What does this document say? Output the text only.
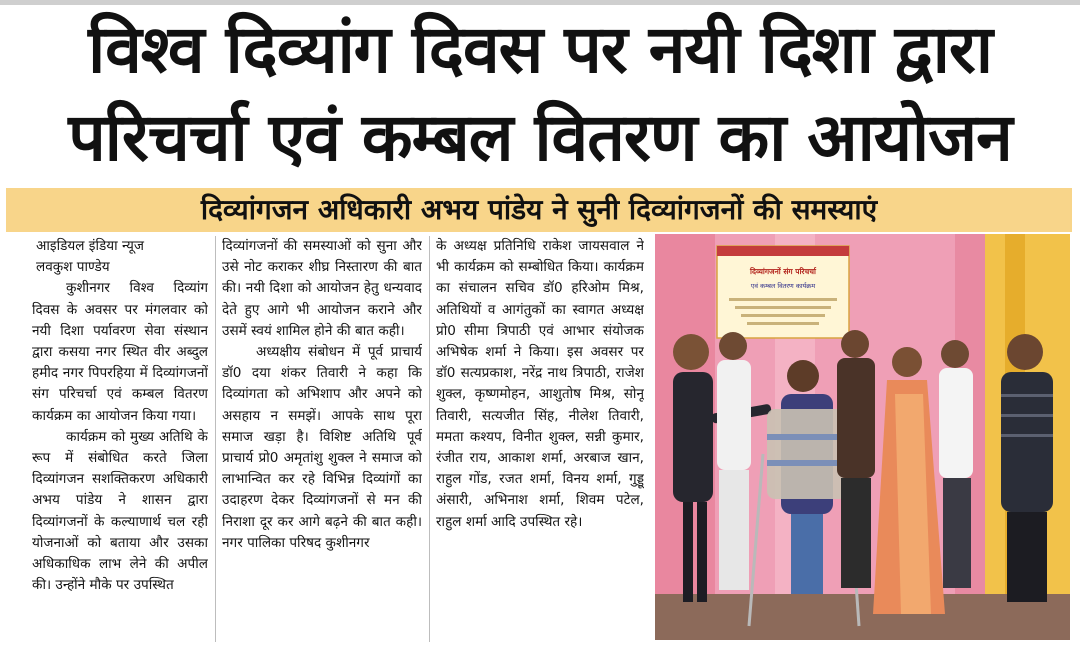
विश्व दिव्यांग दिवस पर नयी दिशा द्वारा
परिचर्चा एवं कम्बल वितरण का आयोजन
दिव्यांगजन अधिकारी अभय पांडेय ने सुनी दिव्यांगजनों की समस्याएं

आइडियल इंडिया न्यूज

लवकुश पाण्डेय

कुशीनगर विश्व दिव्यांग दिवस के अवसर पर मंगलवार को नयी दिशा पर्यावरण सेवा संस्थान द्वारा कसया नगर स्थित वीर अब्दुल हमीद नगर पिपरहिया में दिव्यांगजनों संग परिचर्चा एवं कम्बल वितरण कार्यक्रम का आयोजन किया गया।

कार्यक्रम को मुख्य अतिथि के रूप में संबोधित करते जिला दिव्यांगजन सशक्तिकरण अधिकारी अभय पांडेय ने शासन द्वारा दिव्यांगजनों के कल्याणार्थ चल रही योजनाओं को बताया और उसका अधिकाधिक लाभ लेने की अपील की। उन्होंने मौके पर उपस्थित

दिव्यांगजनों की समस्याओं को सुना और उसे नोट कराकर शीघ्र निस्तारण की बात की। नयी दिशा को आयोजन हेतु धन्यवाद देते हुए आगे भी आयोजन कराने और उसमें स्वयं शामिल होने की बात कही।

अध्यक्षीय संबोधन में पूर्व प्राचार्य डॉ0 दया शंकर तिवारी ने कहा कि दिव्यांगता को अभिशाप और अपने को असहाय न समझें। आपके साथ पूरा समाज खड़ा है। विशिष्ट अतिथि पूर्व प्राचार्य प्रो0 अमृतांशु शुक्ल ने समाज को लाभान्वित कर रहे विभिन्न दिव्यांगों का उदाहरण देकर दिव्यांगजनों से मन की निराशा दूर कर आगे बढ़ने की बात कही। नगर पालिका परिषद कुशीनगर

के अध्यक्ष प्रतिनिधि राकेश जायसवाल ने भी कार्यक्रम को सम्बोधित किया। कार्यक्रम का संचालन सचिव डॉ0 हरिओम मिश्र, अतिथियों व आगंतुकों का स्वागत अध्यक्ष प्रो0 सीमा त्रिपाठी एवं आभार संयोजक अभिषेक शर्मा ने किया। इस अवसर पर डॉ0 सत्यप्रकाश, नरेंद्र नाथ त्रिपाठी, राजेश शुक्ल, कृष्णमोहन, आशुतोष मिश्र, सोनू तिवारी, सत्यजीत सिंह, नीलेश तिवारी, ममता कश्यप, विनीत शुक्ल, सन्नी कुमार, रंजीत राय, आकाश शर्मा, अरबाज खान, राहुल गोंड, रजत शर्मा, विनय शर्मा, गुड्डू अंसारी, अभिनाश शर्मा, शिवम पटेल, राहुल शर्मा आदि उपस्थित रहे।

दिव्यांगजनों संग परिचर्चा
एवं कम्बल वितरण कार्यक्रम
